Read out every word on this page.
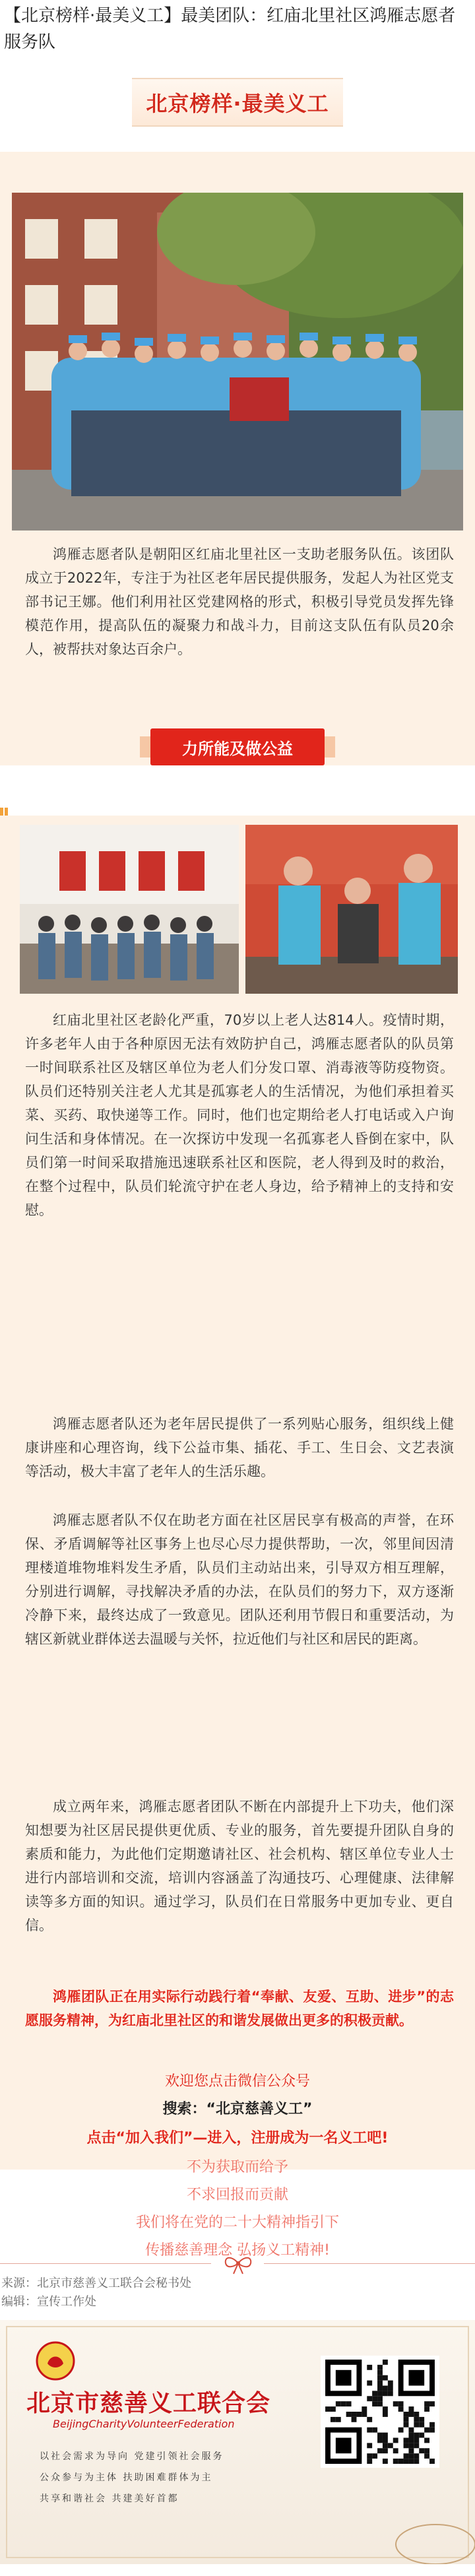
【北京榜样·最美义工】最美团队：红庙北里社区鸿雁志愿者服务队
北京榜样·最美义工
鸿雁志愿者队是朝阳区红庙北里社区一支助老服务队伍。该团队成立于2022年，专注于为社区老年居民提供服务，发起人为社区党支部书记王娜。他们利用社区党建网格的形式，积极引导党员发挥先锋模范作用，提高队伍的凝聚力和战斗力，目前这支队伍有队员20余人，被帮扶对象达百余户。
力所能及做公益
红庙北里社区老龄化严重，70岁以上老人达814人。疫情时期，许多老年人由于各种原因无法有效防护自己，鸿雁志愿者队的队员第一时间联系社区及辖区单位为老人们分发口罩、消毒液等防疫物资。队员们还特别关注老人尤其是孤寡老人的生活情况，为他们承担着买菜、买药、取快递等工作。同时，他们也定期给老人打电话或入户询问生活和身体情况。在一次探访中发现一名孤寡老人昏倒在家中，队员们第一时间采取措施迅速联系社区和医院，老人得到及时的救治，在整个过程中，队员们轮流守护在老人身边，给予精神上的支持和安慰。
鸿雁志愿者队还为老年居民提供了一系列贴心服务，组织线上健康讲座和心理咨询，线下公益市集、插花、手工、生日会、文艺表演等活动，极大丰富了老年人的生活乐趣。
鸿雁志愿者队不仅在助老方面在社区居民享有极高的声誉，在环保、矛盾调解等社区事务上也尽心尽力提供帮助，一次，邻里间因清理楼道堆物堆料发生矛盾，队员们主动站出来，引导双方相互理解，分别进行调解，寻找解决矛盾的办法，在队员们的努力下，双方逐渐冷静下来，最终达成了一致意见。团队还利用节假日和重要活动，为辖区新就业群体送去温暖与关怀，拉近他们与社区和居民的距离。
成立两年来，鸿雁志愿者团队不断在内部提升上下功夫，他们深知想要为社区居民提供更优质、专业的服务，首先要提升团队自身的素质和能力，为此他们定期邀请社区、社会机构、辖区单位专业人士进行内部培训和交流，培训内容涵盖了沟通技巧、心理健康、法律解读等多方面的知识。通过学习，队员们在日常服务中更加专业、更自信。
鸿雁团队正在用实际行动践行着“奉献、友爱、互助、进步”的志愿服务精神，为红庙北里社区的和谐发展做出更多的积极贡献。
欢迎您点击微信公众号
搜索：“北京慈善义工”
点击“加入我们”—进入，注册成为一名义工吧!
不为获取而给予
不求回报而贡献
我们将在党的二十大精神指引下
传播慈善理念 弘扬义工精神!
来源：北京市慈善义工联合会秘书处
编辑：宣传工作处
北京市慈善义工联合会
BeijingCharityVolunteerFederation
以社会需求为导向 党建引领社会服务
公众参与为主体 扶助困难群体为主
共享和谐社会 共建美好首都
